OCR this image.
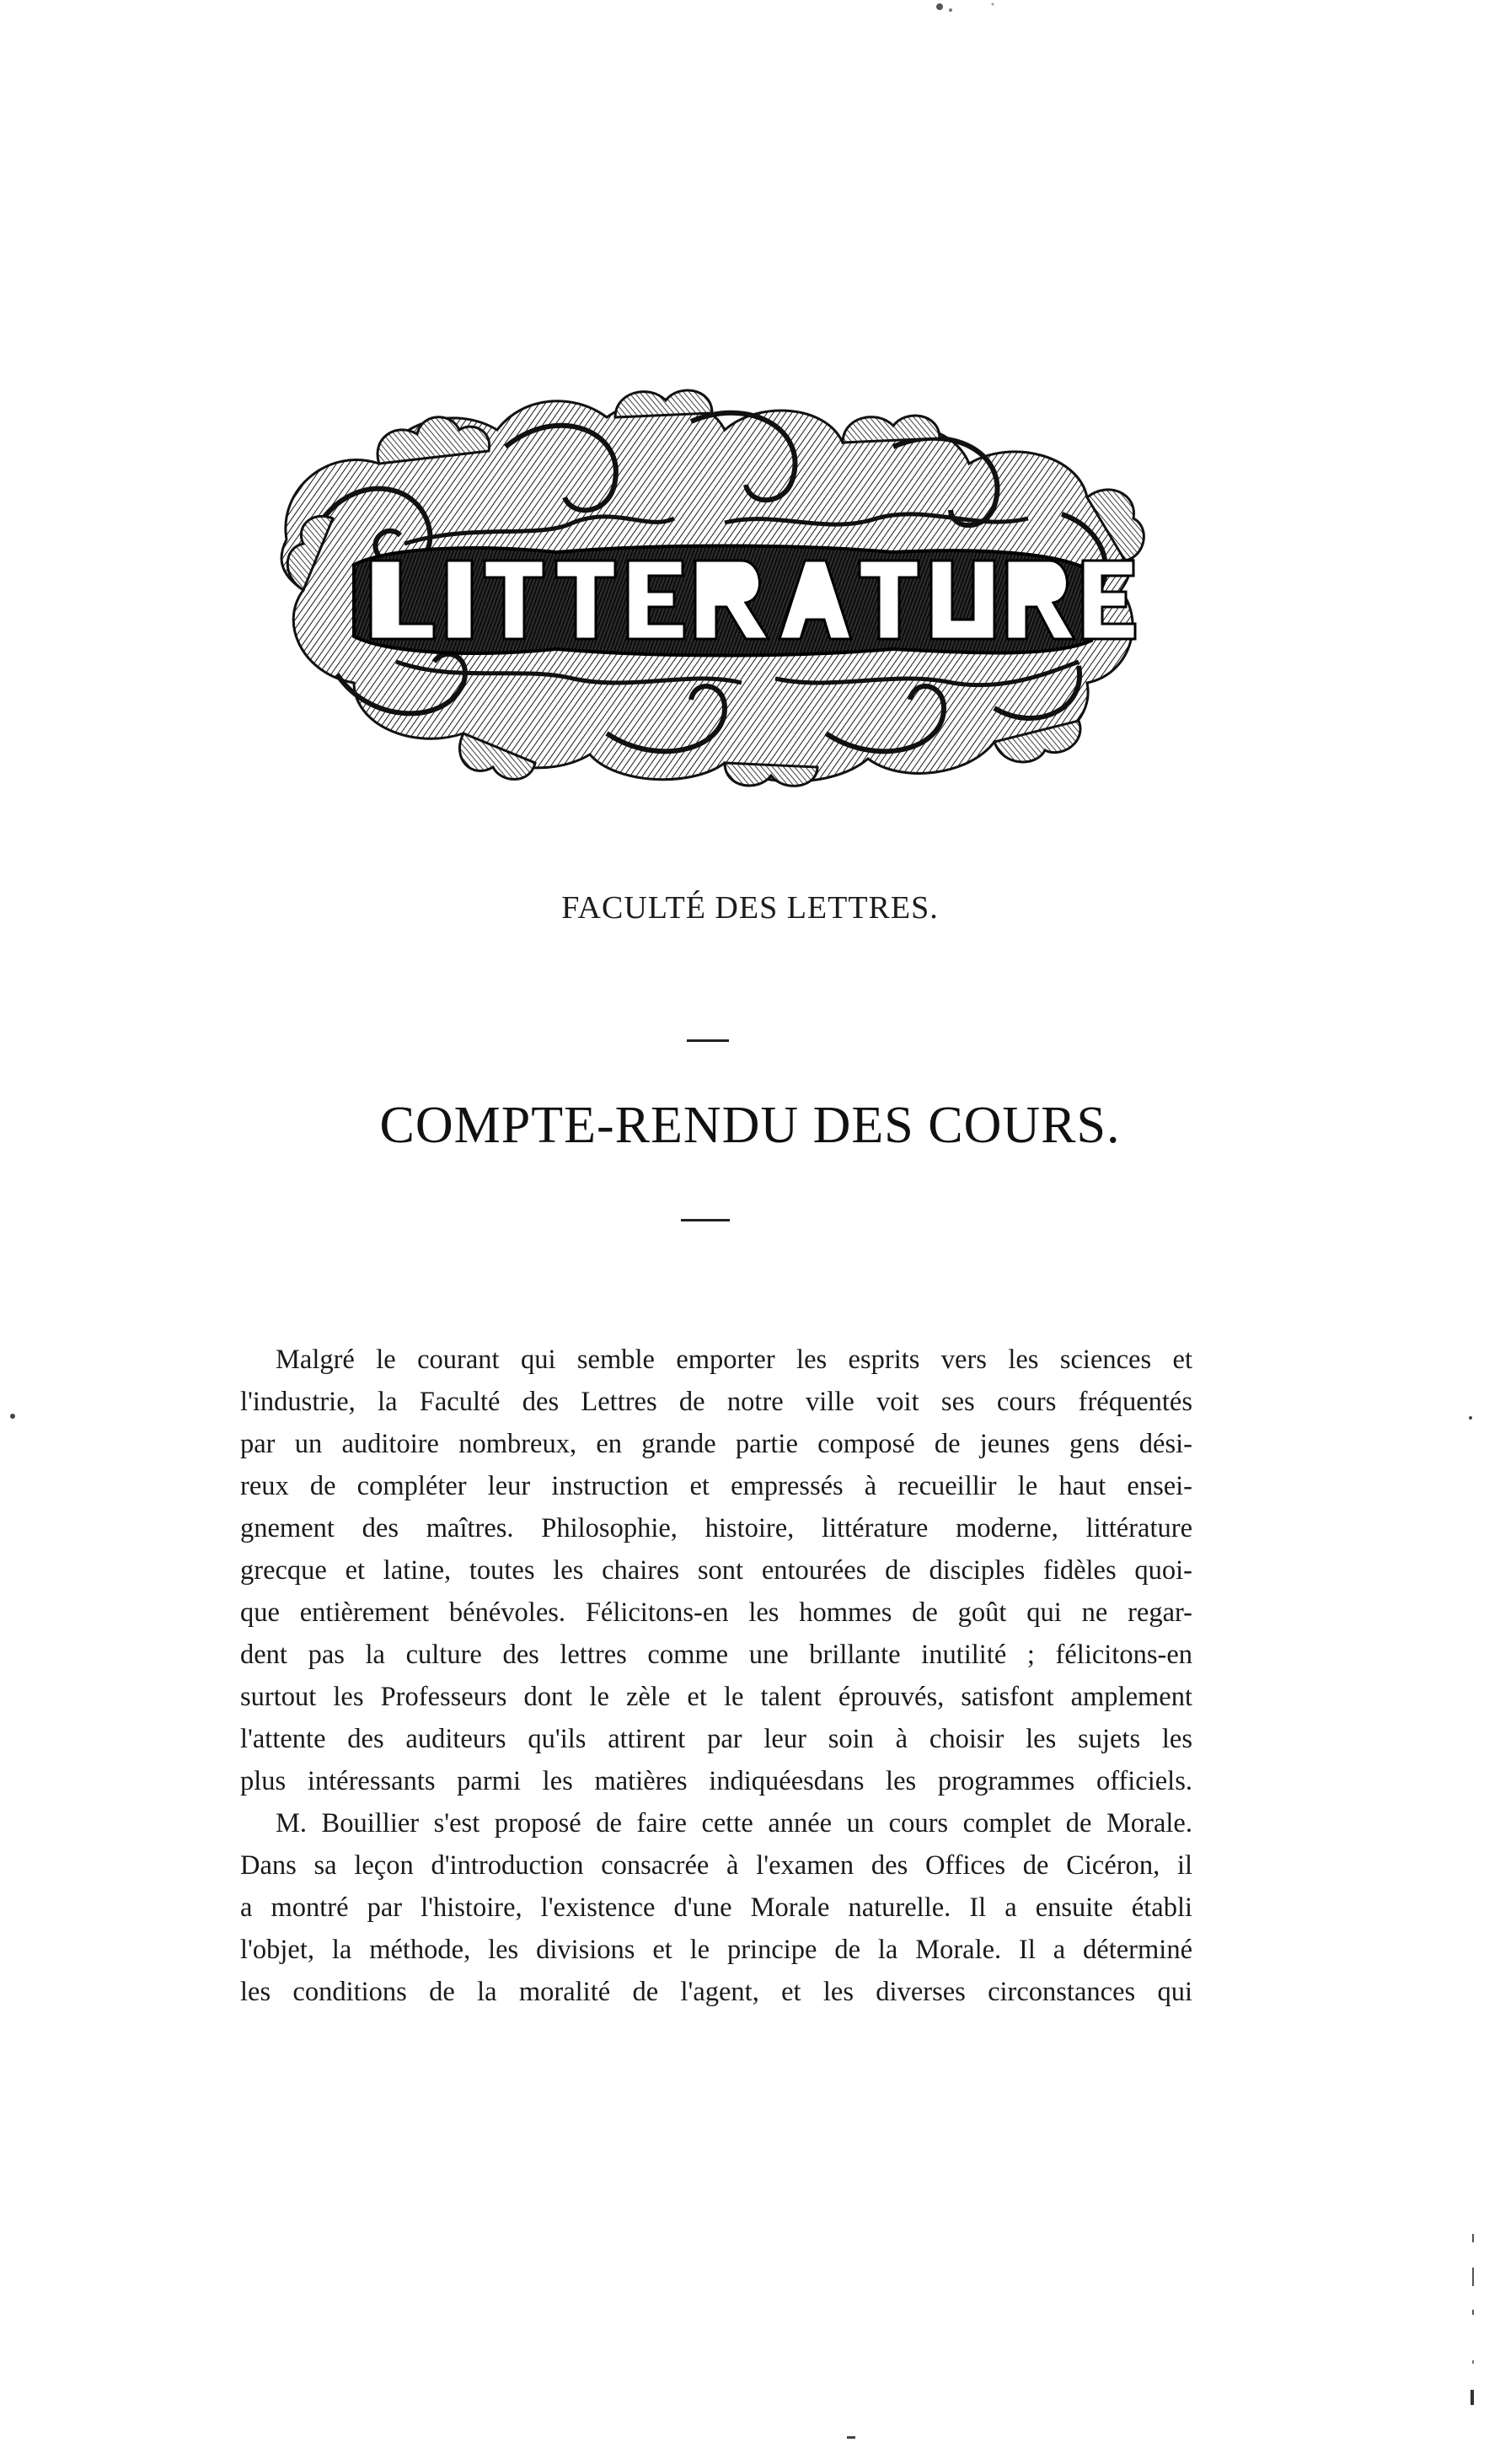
FACULTÉ DES LETTRES.
COMPTE-RENDU DES COURS.
Malgré le courant qui semble emporter les esprits vers les sciences et
l'industrie, la Faculté des Lettres de notre ville voit ses cours fréquentés
par un auditoire nombreux, en grande partie composé de jeunes gens dési-
reux de compléter leur instruction et empressés à recueillir le haut ensei-
gnement des maîtres. Philosophie, histoire, littérature moderne, littérature
grecque et latine, toutes les chaires sont entourées de disciples fidèles quoi-
que entièrement bénévoles. Félicitons-en les hommes de goût qui ne regar-
dent pas la culture des lettres comme une brillante inutilité ; félicitons-en
surtout les Professeurs dont le zèle et le talent éprouvés, satisfont amplement
l'attente des auditeurs qu'ils attirent par leur soin à choisir les sujets les
plus intéressants parmi les matières indiquéesdans les programmes officiels.
M. Bouillier s'est proposé de faire cette année un cours complet de Morale.
Dans sa leçon d'introduction consacrée à l'examen des Offices de Cicéron, il
a montré par l'histoire, l'existence d'une Morale naturelle. Il a ensuite établi
l'objet, la méthode, les divisions et le principe de la Morale. Il a déterminé
les conditions de la moralité de l'agent, et les diverses circonstances qui
